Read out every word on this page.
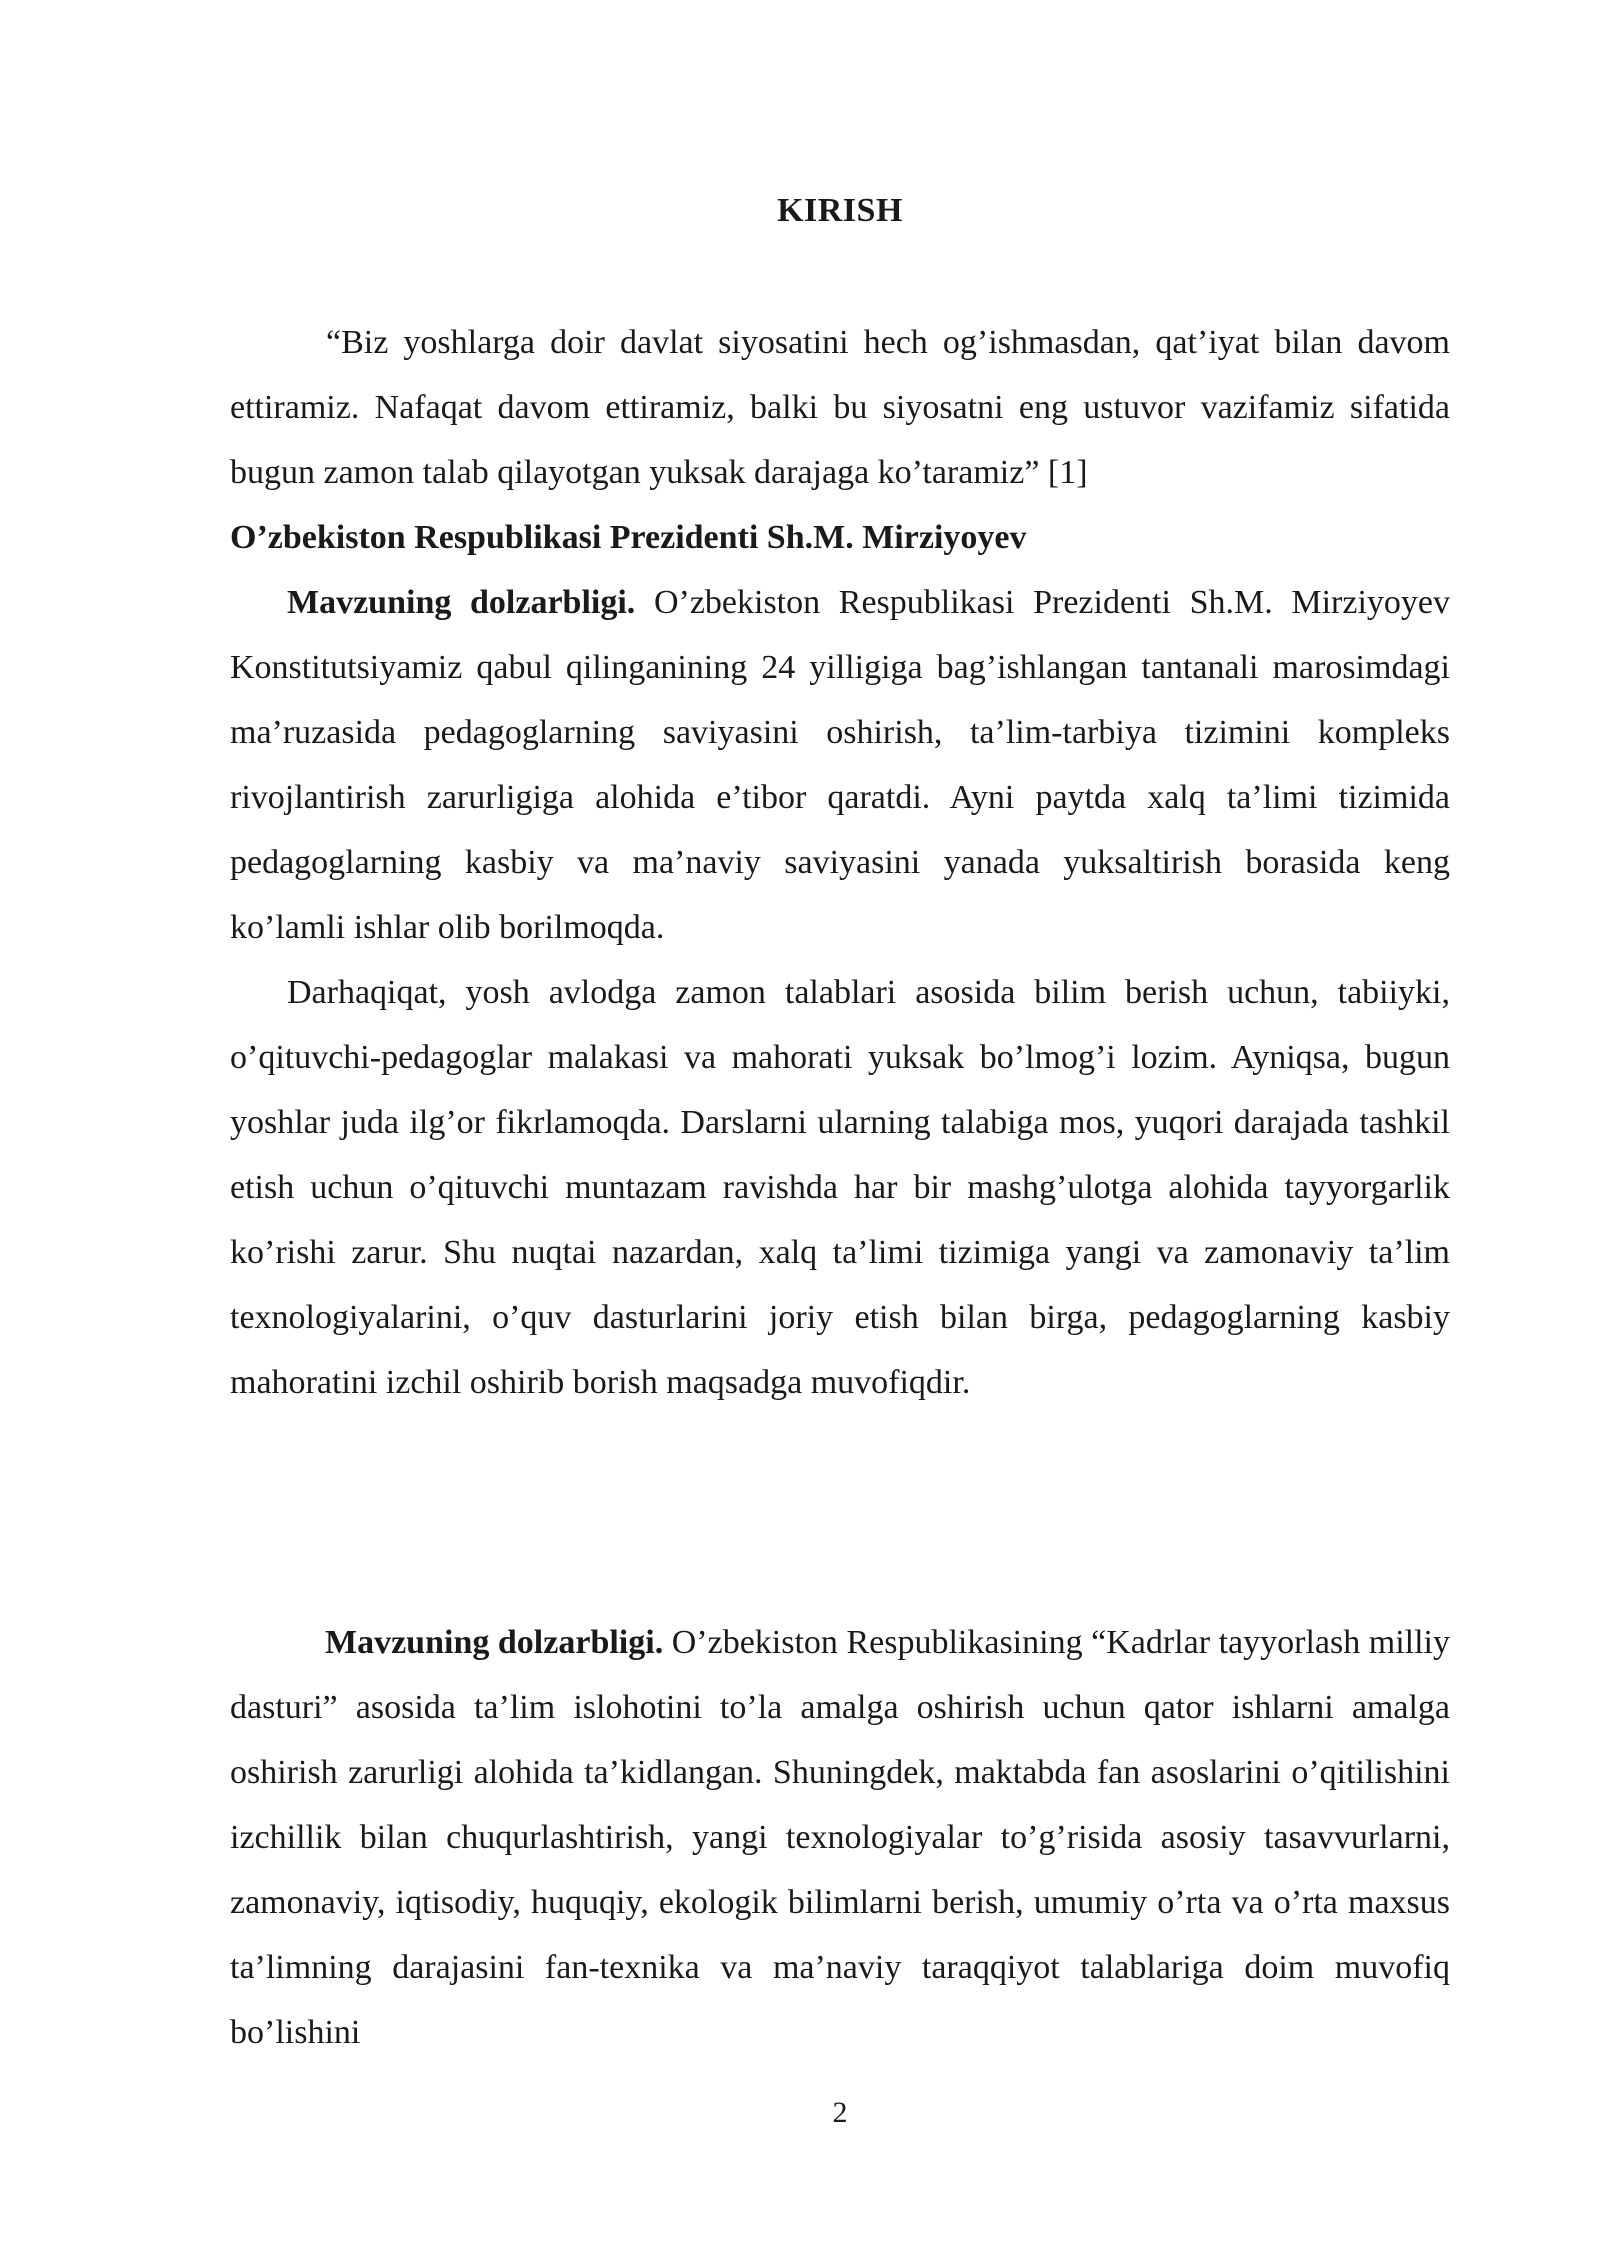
KIRISH

“Biz yoshlarga doir davlat siyosatini hech og’ishmasdan, qat’iyat bilan davom ettiramiz. Nafaqat davom ettiramiz, balki bu siyosatni eng ustuvor vazifamiz sifatida bugun zamon talab qilayotgan yuksak darajaga ko’taramiz” [1]

O’zbekiston Respublikasi Prezidenti Sh.M. Mirziyoyev

Mavzuning dolzarbligi. O’zbekiston Respublikasi Prezidenti Sh.M. Mirziyoyev Konstitutsiyamiz qabul qilinganining 24 yilligiga bag’ishlangan tantanali marosimdagi ma’ruzasida pedagoglarning saviyasini oshirish, ta’lim-tarbiya tizimini kompleks rivojlantirish zarurligiga alohida e’tibor qaratdi. Ayni paytda xalq ta’limi tizimida pedagoglarning kasbiy va ma’naviy saviyasini yanada yuksaltirish borasida keng ko’lamli ishlar olib borilmoqda.

Darhaqiqat, yosh avlodga zamon talablari asosida bilim berish uchun, tabiiyki, o’qituvchi-pedagoglar malakasi va mahorati yuksak bo’lmog’i lozim. Ayniqsa, bugun yoshlar juda ilg’or fikrlamoqda. Darslarni ularning talabiga mos, yuqori darajada tashkil etish uchun o’qituvchi muntazam ravishda har bir mashg’ulotga alohida tayyorgarlik ko’rishi zarur. Shu nuqtai nazardan, xalq ta’limi tizimiga yangi va zamonaviy ta’lim texnologiyalarini, o’quv dasturlarini joriy etish bilan birga, pedagoglarning kasbiy mahoratini izchil oshirib borish maqsadga muvofiqdir.

Mavzuning dolzarbligi. O’zbekiston Respublikasining “Kadrlar tayyorlash milliy dasturi” asosida ta’lim islohotini to’la amalga oshirish uchun qator ishlarni amalga oshirish zarurligi alohida ta’kidlangan. Shuningdek, maktabda fan asoslarini o’qitilishini izchillik bilan chuqurlashtirish, yangi texnologiyalar to’g’risida asosiy tasavvurlarni, zamonaviy, iqtisodiy, huquqiy, ekologik bilimlarni berish, umumiy o’rta va o’rta maxsus ta’limning darajasini fan-texnika va ma’naviy taraqqiyot talablariga doim muvofiq bo’lishini

2
